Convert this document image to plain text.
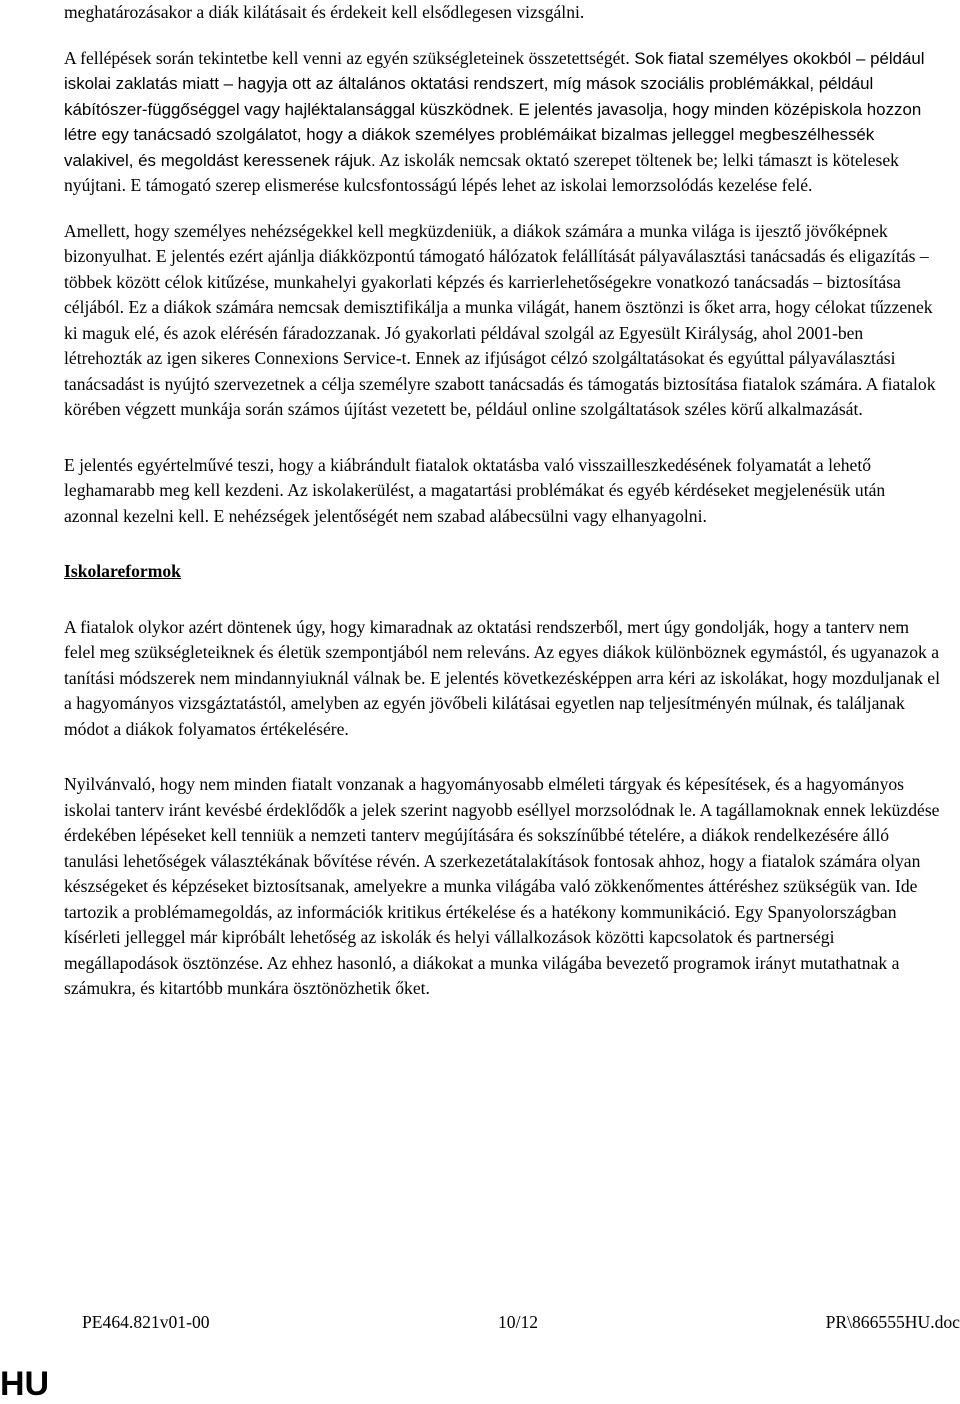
meghatározásakor a diák kilátásait és érdekeit kell elsődlegesen vizsgálni.

A fellépések során tekintetbe kell venni az egyén szükségleteinek összetettségét. Sok fiatal személyes okokból – például iskolai zaklatás miatt – hagyja ott az általános oktatási rendszert, míg mások szociális problémákkal, például kábítószer-függőséggel vagy hajléktalansággal küszködnek. E jelentés javasolja, hogy minden középiskola hozzon létre egy tanácsadó szolgálatot, hogy a diákok személyes problémáikat bizalmas jelleggel megbeszélhessék valakivel, és megoldást keressenek rájuk. Az iskolák nemcsak oktató szerepet töltenek be; lelki támaszt is kötelesek nyújtani. E támogató szerep elismerése kulcsfontosságú lépés lehet az iskolai lemorzsolódás kezelése felé.

Amellett, hogy személyes nehézségekkel kell megküzdeniük, a diákok számára a munka világa is ijesztő jövőképnek bizonyulhat. E jelentés ezért ajánlja diákközpontú támogató hálózatok felállítását pályaválasztási tanácsadás és eligazítás – többek között célok kitűzése, munkahelyi gyakorlati képzés és karrierlehetőségekre vonatkozó tanácsadás – biztosítása céljából. Ez a diákok számára nemcsak demisztifikálja a munka világát, hanem ösztönzi is őket arra, hogy célokat tűzzenek ki maguk elé, és azok elérésén fáradozzanak. Jó gyakorlati példával szolgál az Egyesült Királyság, ahol 2001-ben létrehozták az igen sikeres Connexions Service-t. Ennek az ifjúságot célzó szolgáltatásokat és egyúttal pályaválasztási tanácsadást is nyújtó szervezetnek a célja személyre szabott tanácsadás és támogatás biztosítása fiatalok számára. A fiatalok körében végzett munkája során számos újítást vezetett be, például online szolgáltatások széles körű alkalmazását.

E jelentés egyértelművé teszi, hogy a kiábrándult fiatalok oktatásba való visszailleszkedésének folyamatát a lehető leghamarabb meg kell kezdeni. Az iskolakerülést, a magatartási problémákat és egyéb kérdéseket megjelenésük után azonnal kezelni kell. E nehézségek jelentőségét nem szabad alábecsülni vagy elhanyagolni.

Iskolareformok

A fiatalok olykor azért döntenek úgy, hogy kimaradnak az oktatási rendszerből, mert úgy gondolják, hogy a tanterv nem felel meg szükségleteiknek és életük szempontjából nem releváns. Az egyes diákok különböznek egymástól, és ugyanazok a tanítási módszerek nem mindannyiuknál válnak be. E jelentés következésképpen arra kéri az iskolákat, hogy mozduljanak el a hagyományos vizsgáztatástól, amelyben az egyén jövőbeli kilátásai egyetlen nap teljesítményén múlnak, és találjanak módot a diákok folyamatos értékelésére.

Nyilvánvaló, hogy nem minden fiatalt vonzanak a hagyományosabb elméleti tárgyak és képesítések, és a hagyományos iskolai tanterv iránt kevésbé érdeklődők a jelek szerint nagyobb eséllyel morzsolódnak le. A tagállamoknak ennek leküzdése érdekében lépéseket kell tenniük a nemzeti tanterv megújítására és sokszínűbbé tételére, a diákok rendelkezésére álló tanulási lehetőségek választékának bővítése révén. A szerkezetátalakítások fontosak ahhoz, hogy a fiatalok számára olyan készségeket és képzéseket biztosítsanak, amelyekre a munka világába való zökkenőmentes áttéréshez szükségük van. Ide tartozik a problémamegoldás, az információk kritikus értékelése és a hatékony kommunikáció. Egy Spanyolországban kísérleti jelleggel már kipróbált lehetőség az iskolák és helyi vállalkozások közötti kapcsolatok és partnerségi megállapodások ösztönzése. Az ehhez hasonló, a diákokat a munka világába bevezető programok irányt mutathatnak a számukra, és kitartóbb munkára ösztönözhetik őket.

PE464.821v01-00	10/12	PR\866555HU.doc
HU
